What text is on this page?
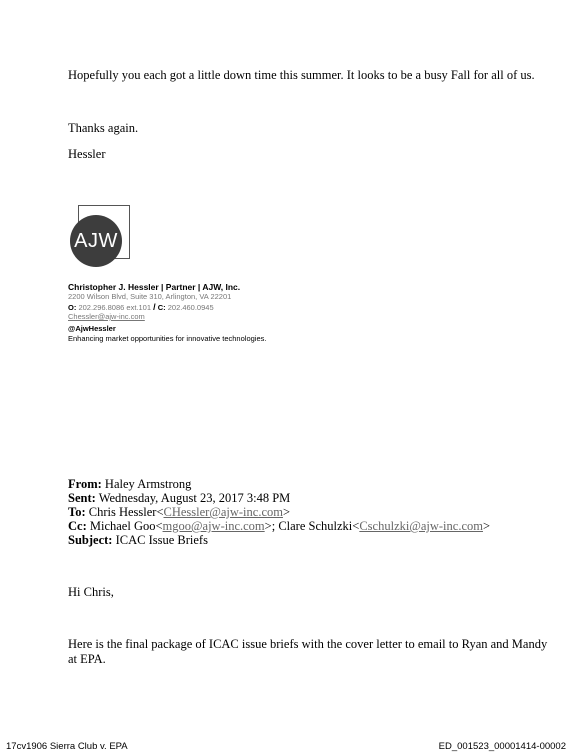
Hopefully you each got a little down time this summer. It looks to be a busy Fall for all of us.
Thanks again.
Hessler
AJW
Christopher J. Hessler | Partner | AJW, Inc.
2200 Wilson Blvd, Suite 310, Arlington, VA 22201
O: 202.296.8086 ext.101 / C: 202.460.0945
Chessler@ajw-inc.com
@AjwHessler
Enhancing market opportunities for innovative technologies.
From: Haley Armstrong
Sent: Wednesday, August 23, 2017 3:48 PM
To: Chris Hessler<CHessler@ajw-inc.com>
Cc: Michael Goo<mgoo@ajw-inc.com>; Clare Schulzki<Cschulzki@ajw-inc.com>
Subject: ICAC Issue Briefs
Hi Chris,
Here is the final package of ICAC issue briefs with the cover letter to email to Ryan and Mandy
at EPA.
17cv1906 Sierra Club v. EPA	ED_001523_00001414-00002
